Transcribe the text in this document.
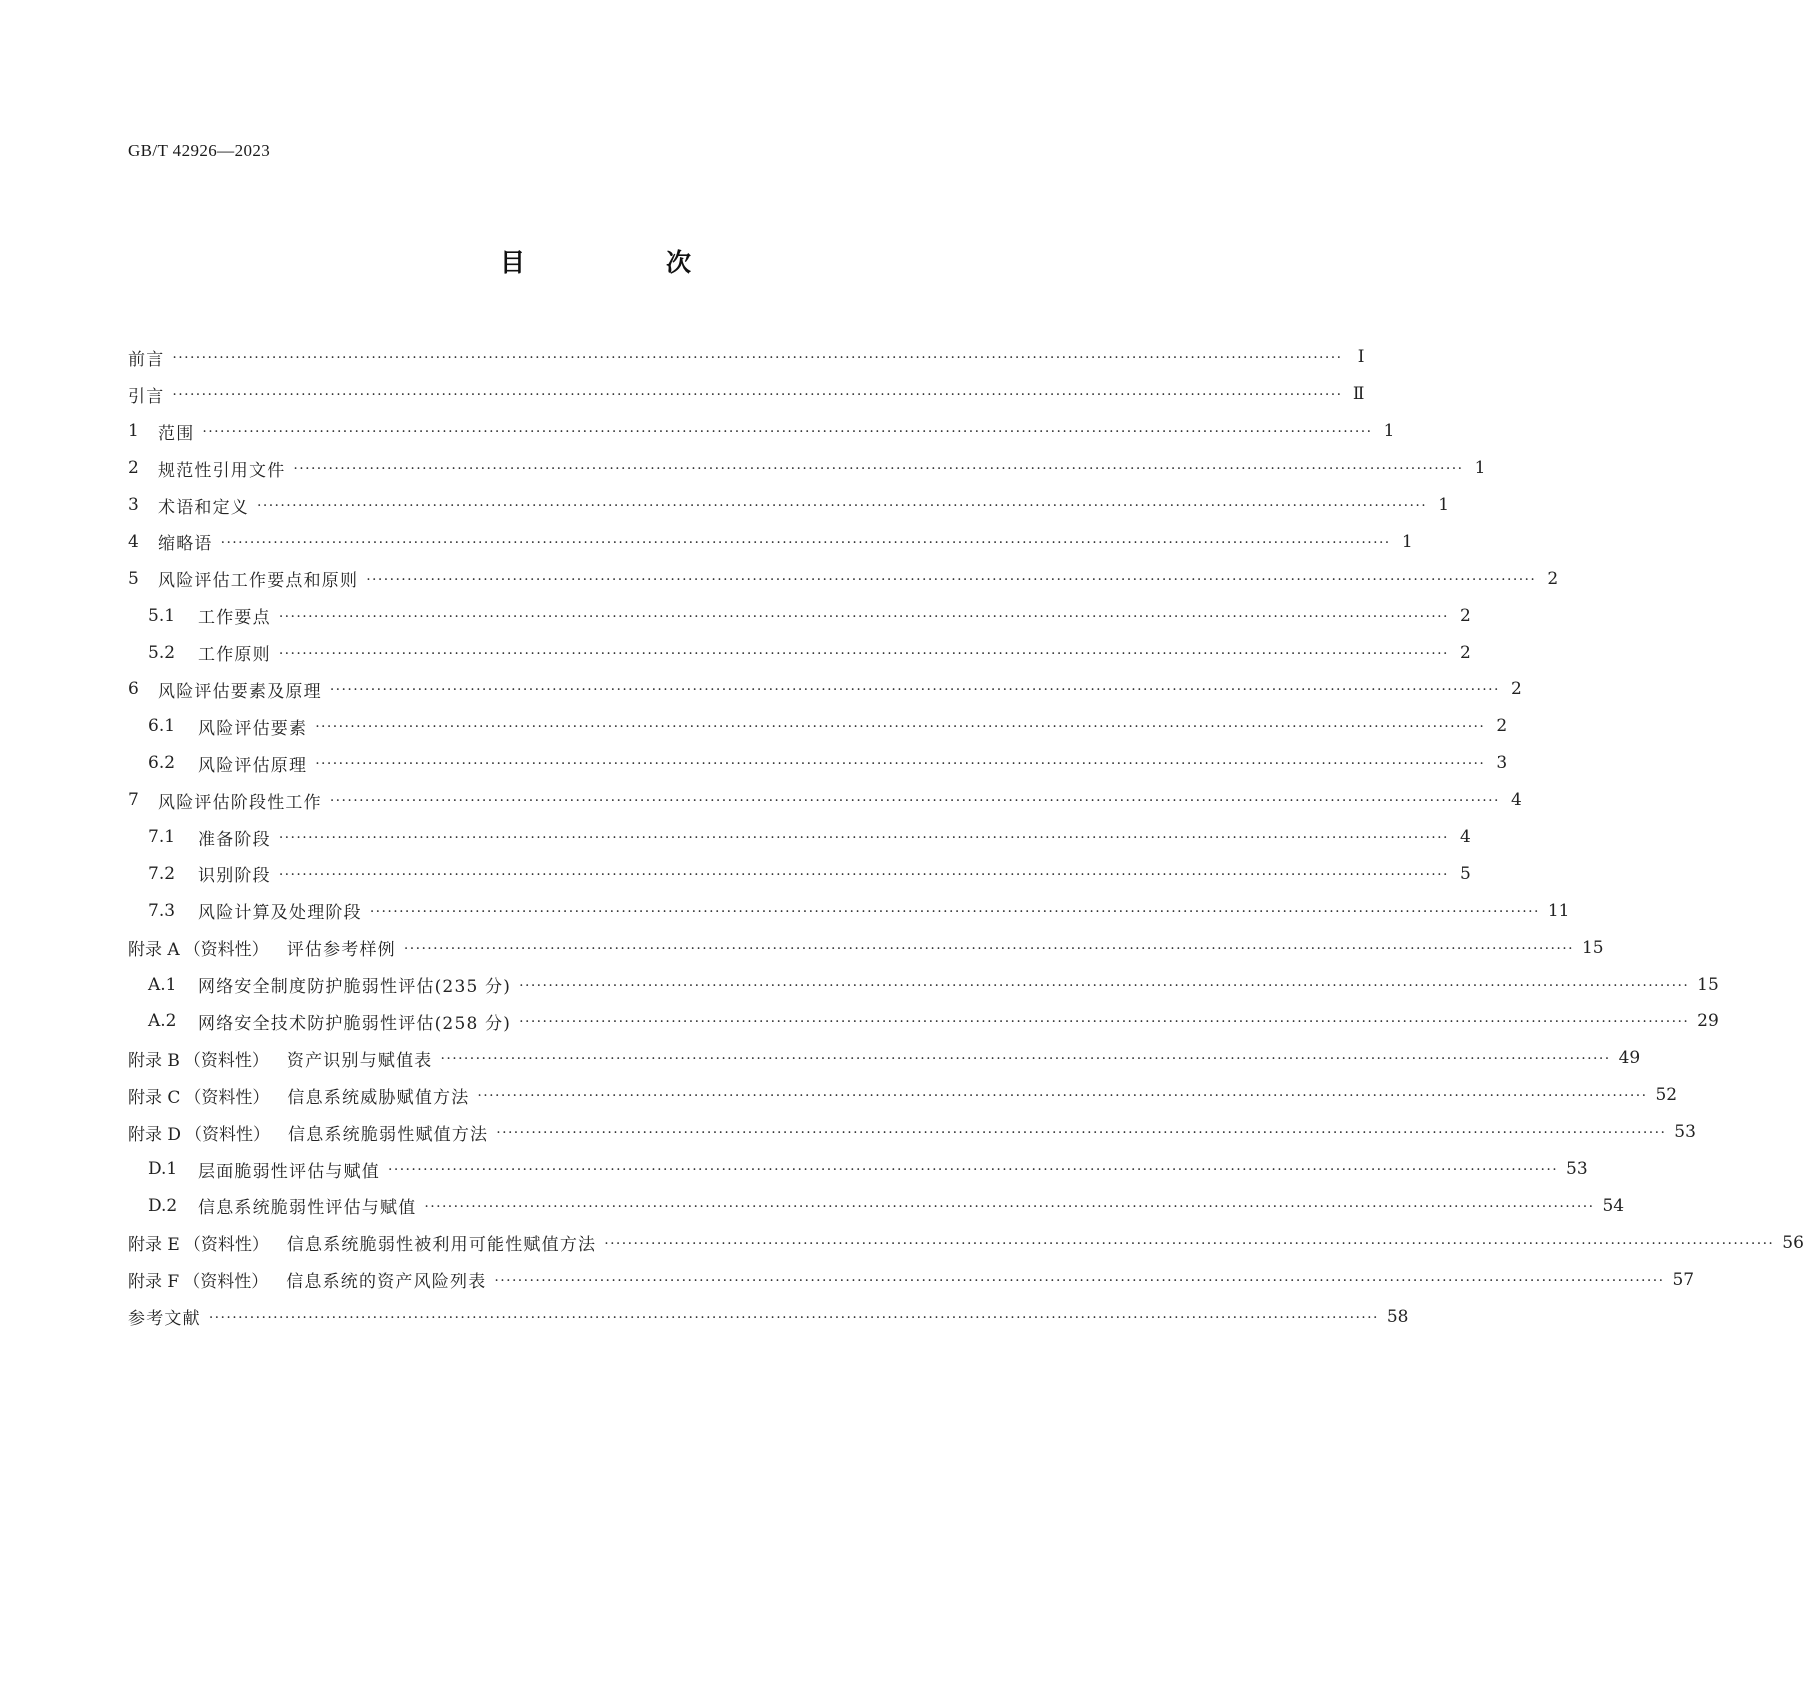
GB/T 42926—2023
目　次
前言 ········································································································································································································ Ⅰ
引言 ········································································································································································································ Ⅱ
1	范围 ········································································································································································································ 1
2	规范性引用文件 ········································································································································································································ 1
3	术语和定义 ········································································································································································································ 1
4	缩略语 ········································································································································································································ 1
5	风险评估工作要点和原则 ········································································································································································································ 2
5.1	工作要点 ········································································································································································································ 2
5.2	工作原则 ········································································································································································································ 2
6	风险评估要素及原理 ········································································································································································································ 2
6.1	风险评估要素 ········································································································································································································ 2
6.2	风险评估原理 ········································································································································································································ 3
7	风险评估阶段性工作 ········································································································································································································ 4
7.1	准备阶段 ········································································································································································································ 4
7.2	识别阶段 ········································································································································································································ 5
7.3	风险计算及处理阶段 ········································································································································································································ 11
附录 A （资料性） 评估参考样例 ········································································································································································································ 15
A.1	网络安全制度防护脆弱性评估(235 分) ········································································································································································································ 15
A.2	网络安全技术防护脆弱性评估(258 分) ········································································································································································································ 29
附录 B （资料性） 资产识别与赋值表 ········································································································································································································ 49
附录 C （资料性） 信息系统威胁赋值方法 ········································································································································································································ 52
附录 D （资料性） 信息系统脆弱性赋值方法 ········································································································································································································ 53
D.1	层面脆弱性评估与赋值 ········································································································································································································ 53
D.2	信息系统脆弱性评估与赋值 ········································································································································································································ 54
附录 E （资料性） 信息系统脆弱性被利用可能性赋值方法 ········································································································································································································ 56
附录 F （资料性） 信息系统的资产风险列表 ········································································································································································································ 57
参考文献 ········································································································································································································ 58
